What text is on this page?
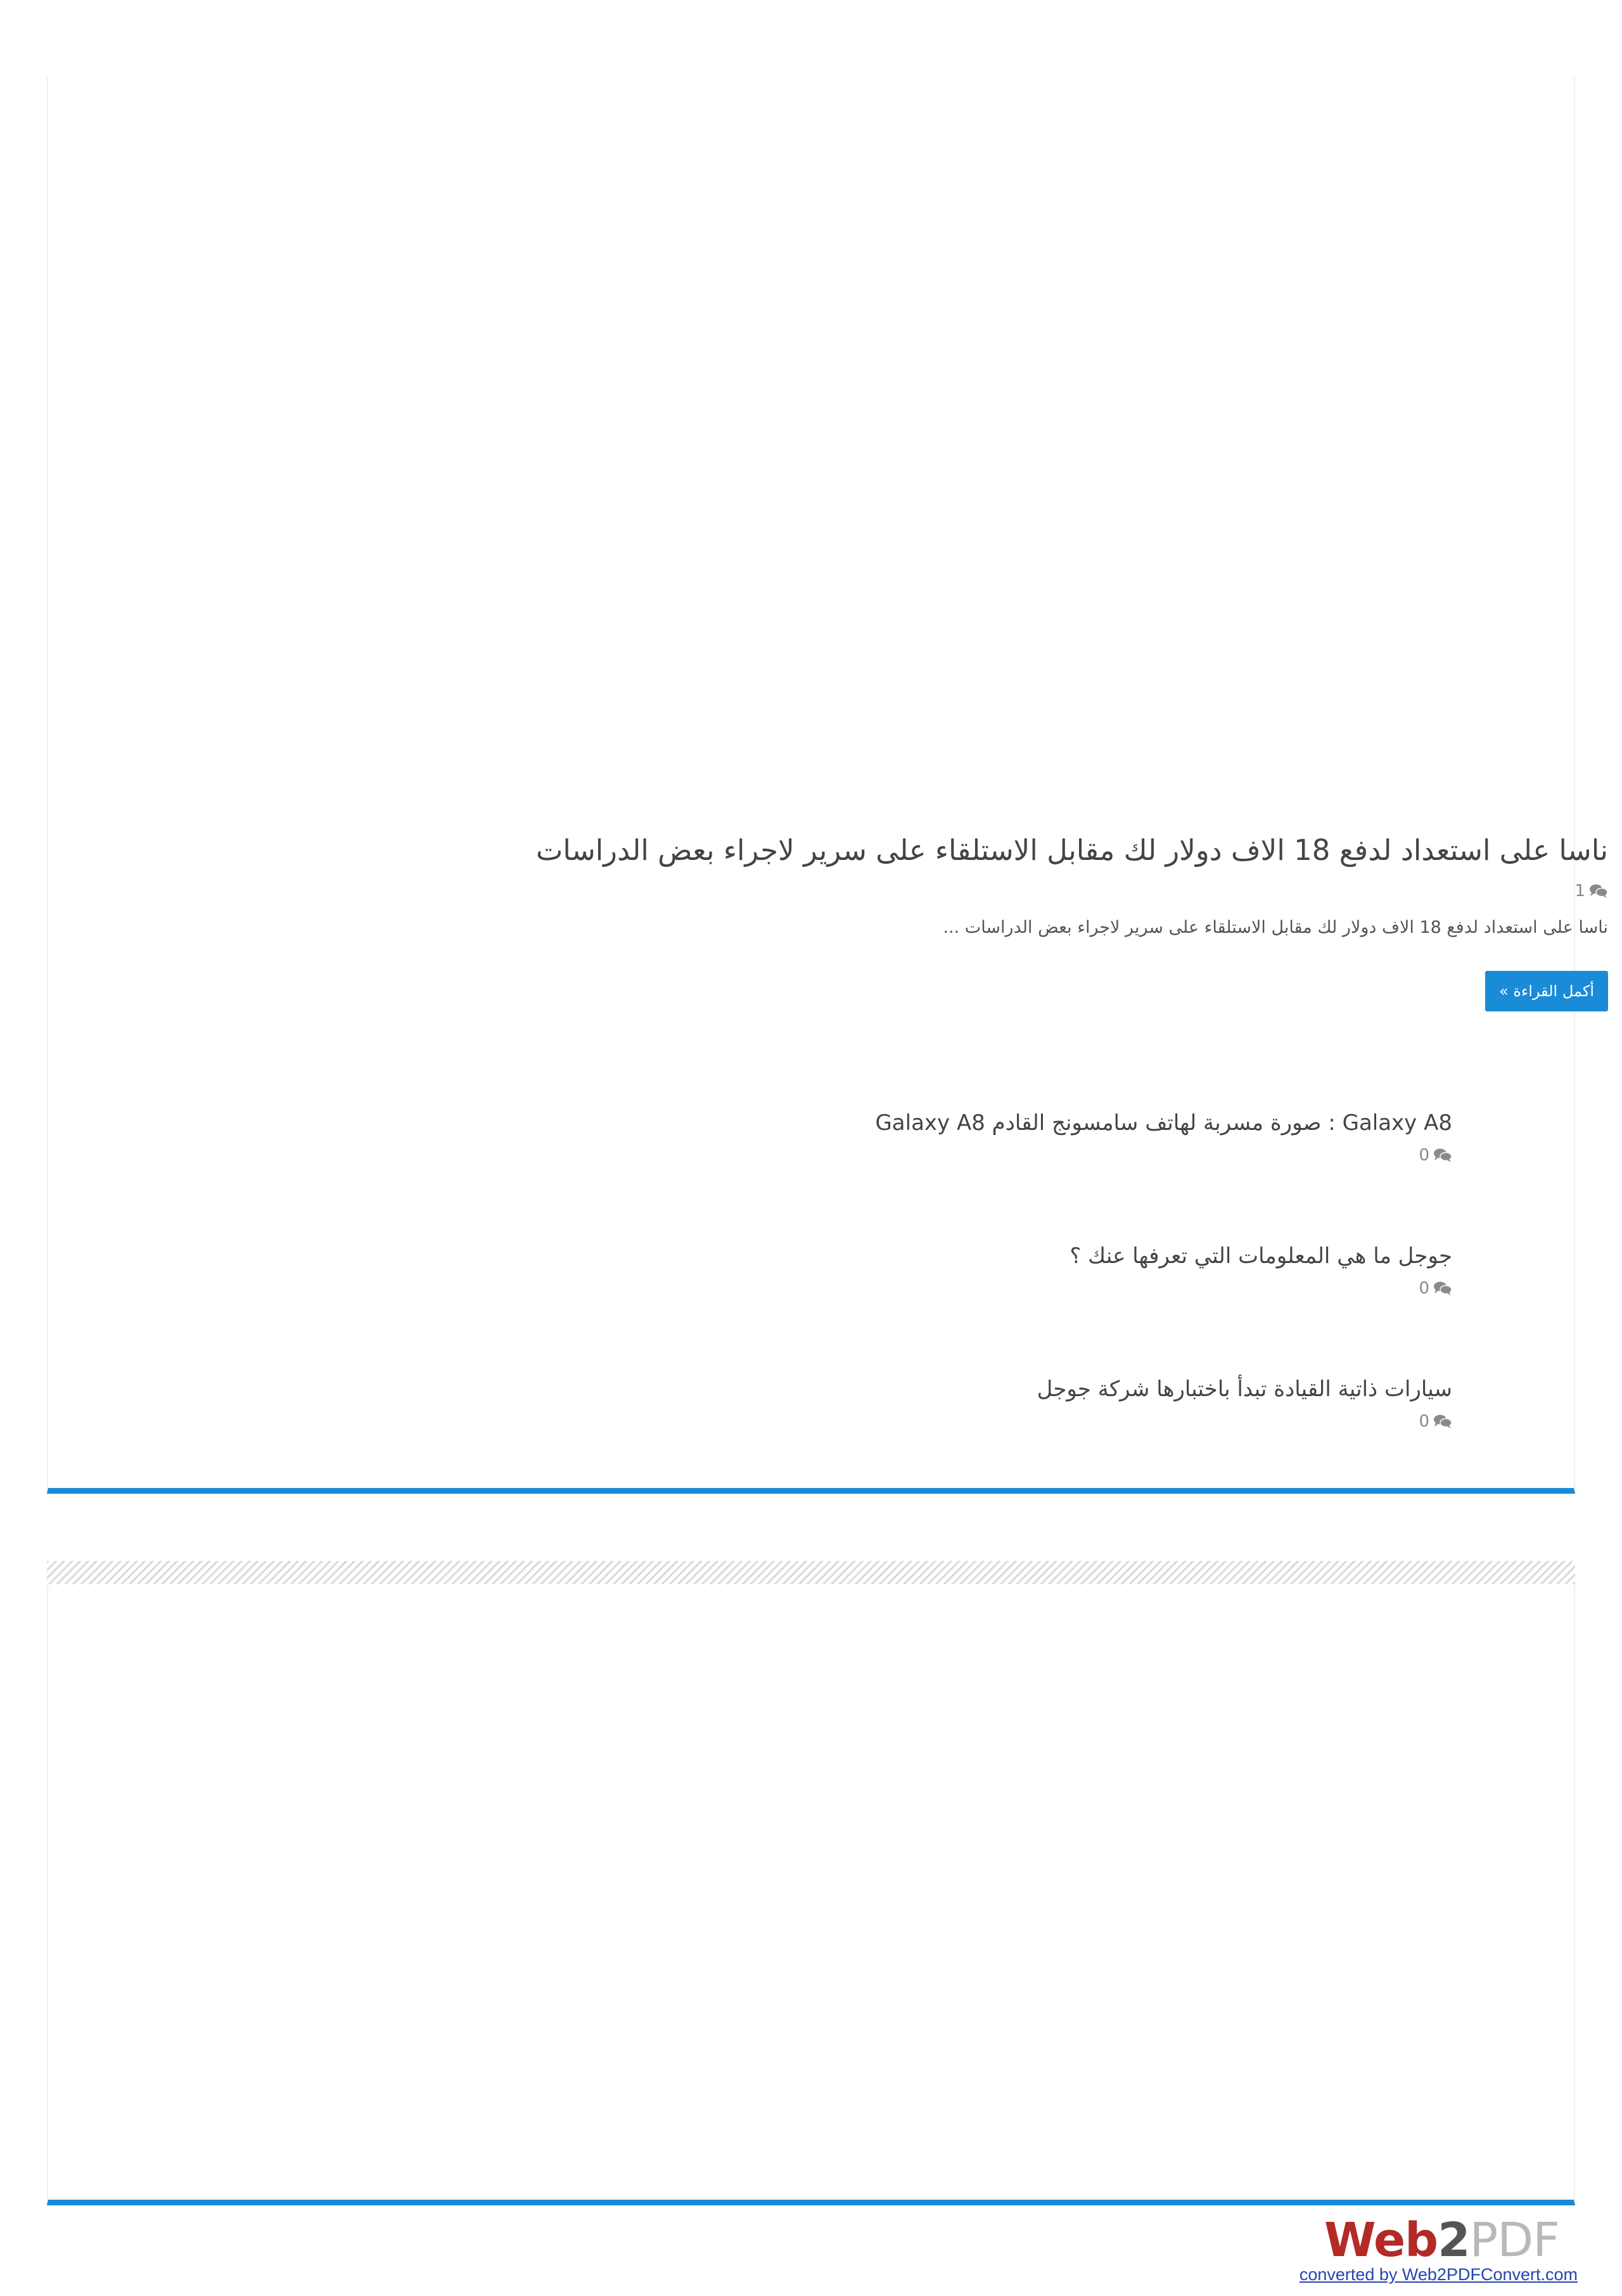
ناسا على استعداد لدفع 18 الاف دولار لك مقابل الاستلقاء على سرير لاجراء بعض الدراسات
1
ناسا على استعداد لدفع 18 الاف دولار لك مقابل الاستلقاء على سرير لاجراء بعض الدراسات ...
أكمل القراءة »
Galaxy A8 : صورة مسربة لهاتف سامسونج القادم Galaxy A8
0
جوجل ما هي المعلومات التي تعرفها عنك ؟
0
سيارات ذاتية القيادة تبدأ باختبارها شركة جوجل
0
Web2PDF
converted by Web2PDFConvert.com
